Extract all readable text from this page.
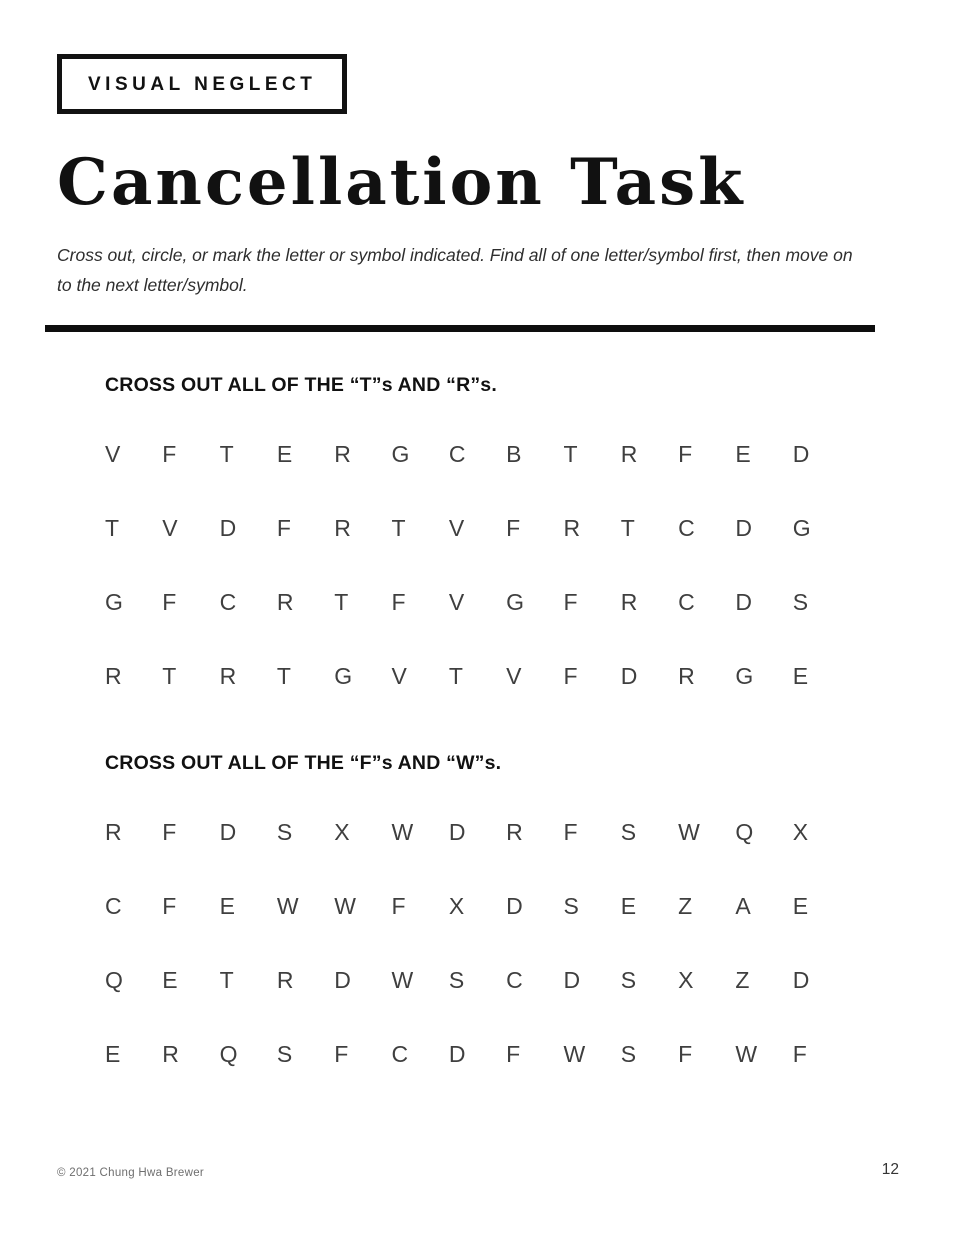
VISUAL NEGLECT
Cancellation Task

Cross out, circle, or mark the letter or symbol indicated. Find all of one letter/symbol first, then move on to the next letter/symbol.

CROSS OUT ALL OF THE “T”s AND “R”s.
V	F	T	E	R	G	C	B	T	R	F	E	D
T	V	D	F	R	T	V	F	R	T	C	D	G
G	F	C	R	T	F	V	G	F	R	C	D	S
R	T	R	T	G	V	T	V	F	D	R	G	E
CROSS OUT ALL OF THE “F”s AND “W”s.
R	F	D	S	X	W	D	R	F	S	W	Q	X
C	F	E	W	W	F	X	D	S	E	Z	A	E
Q	E	T	R	D	W	S	C	D	S	X	Z	D
E	R	Q	S	F	C	D	F	W	S	F	W	F
© 2021 Chung Hwa Brewer	12
